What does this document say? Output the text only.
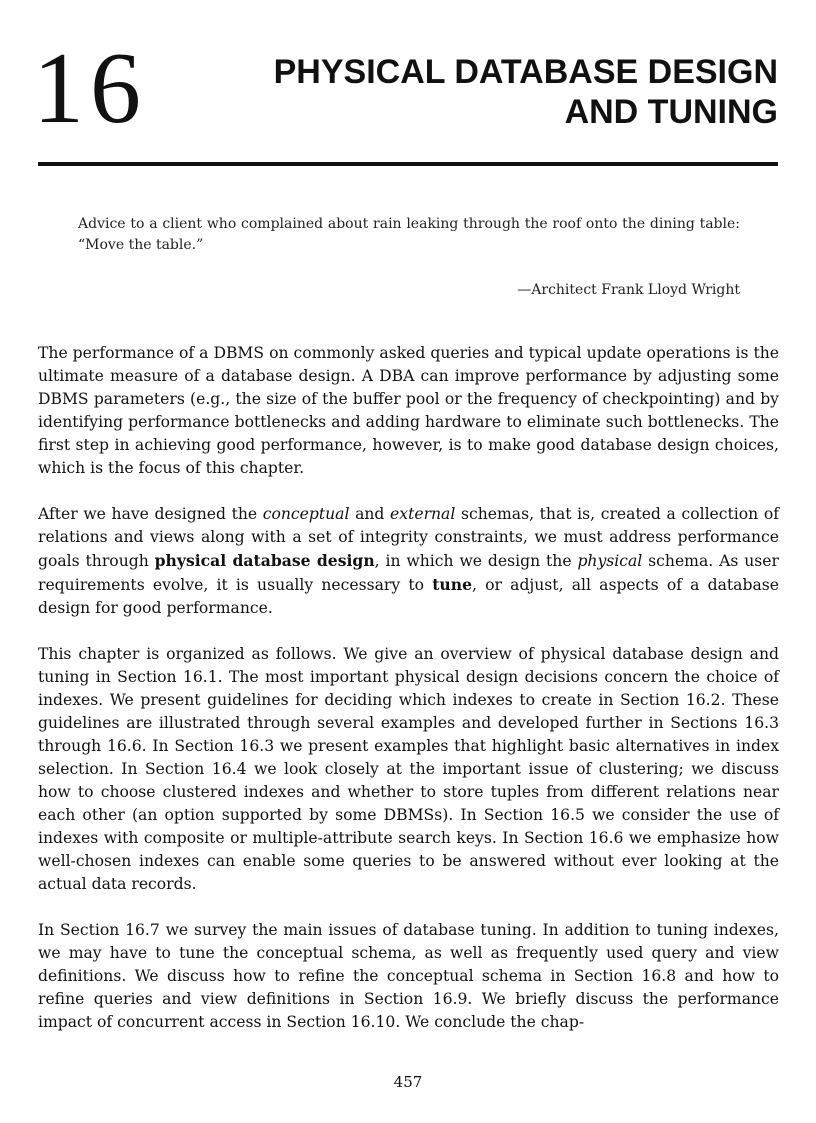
16	PHYSICAL DATABASE DESIGN
AND TUNING
Advice to a client who complained about rain leaking through the roof onto the dining table: “Move the table.”
—Architect Frank Lloyd Wright

The performance of a DBMS on commonly asked queries and typical update operations is the ultimate measure of a database design. A DBA can improve performance by adjusting some DBMS parameters (e.g., the size of the buffer pool or the frequency of checkpointing) and by identifying performance bottlenecks and adding hardware to eliminate such bottlenecks. The first step in achieving good performance, however, is to make good database design choices, which is the focus of this chapter.

After we have designed the conceptual and external schemas, that is, created a collection of relations and views along with a set of integrity constraints, we must address performance goals through physical database design, in which we design the physical schema. As user requirements evolve, it is usually necessary to tune, or adjust, all aspects of a database design for good performance.

This chapter is organized as follows. We give an overview of physical database design and tuning in Section 16.1. The most important physical design decisions concern the choice of indexes. We present guidelines for deciding which indexes to create in Section 16.2. These guidelines are illustrated through several examples and developed further in Sections 16.3 through 16.6. In Section 16.3 we present examples that highlight basic alternatives in index selection. In Section 16.4 we look closely at the important issue of clustering; we discuss how to choose clustered indexes and whether to store tuples from different relations near each other (an option supported by some DBMSs). In Section 16.5 we consider the use of indexes with composite or multiple-attribute search keys. In Section 16.6 we emphasize how well-chosen indexes can enable some queries to be answered without ever looking at the actual data records.

In Section 16.7 we survey the main issues of database tuning. In addition to tuning indexes, we may have to tune the conceptual schema, as well as frequently used query and view definitions. We discuss how to refine the conceptual schema in Section 16.8 and how to refine queries and view definitions in Section 16.9. We briefly discuss the performance impact of concurrent access in Section 16.10. We conclude the chap-

457
